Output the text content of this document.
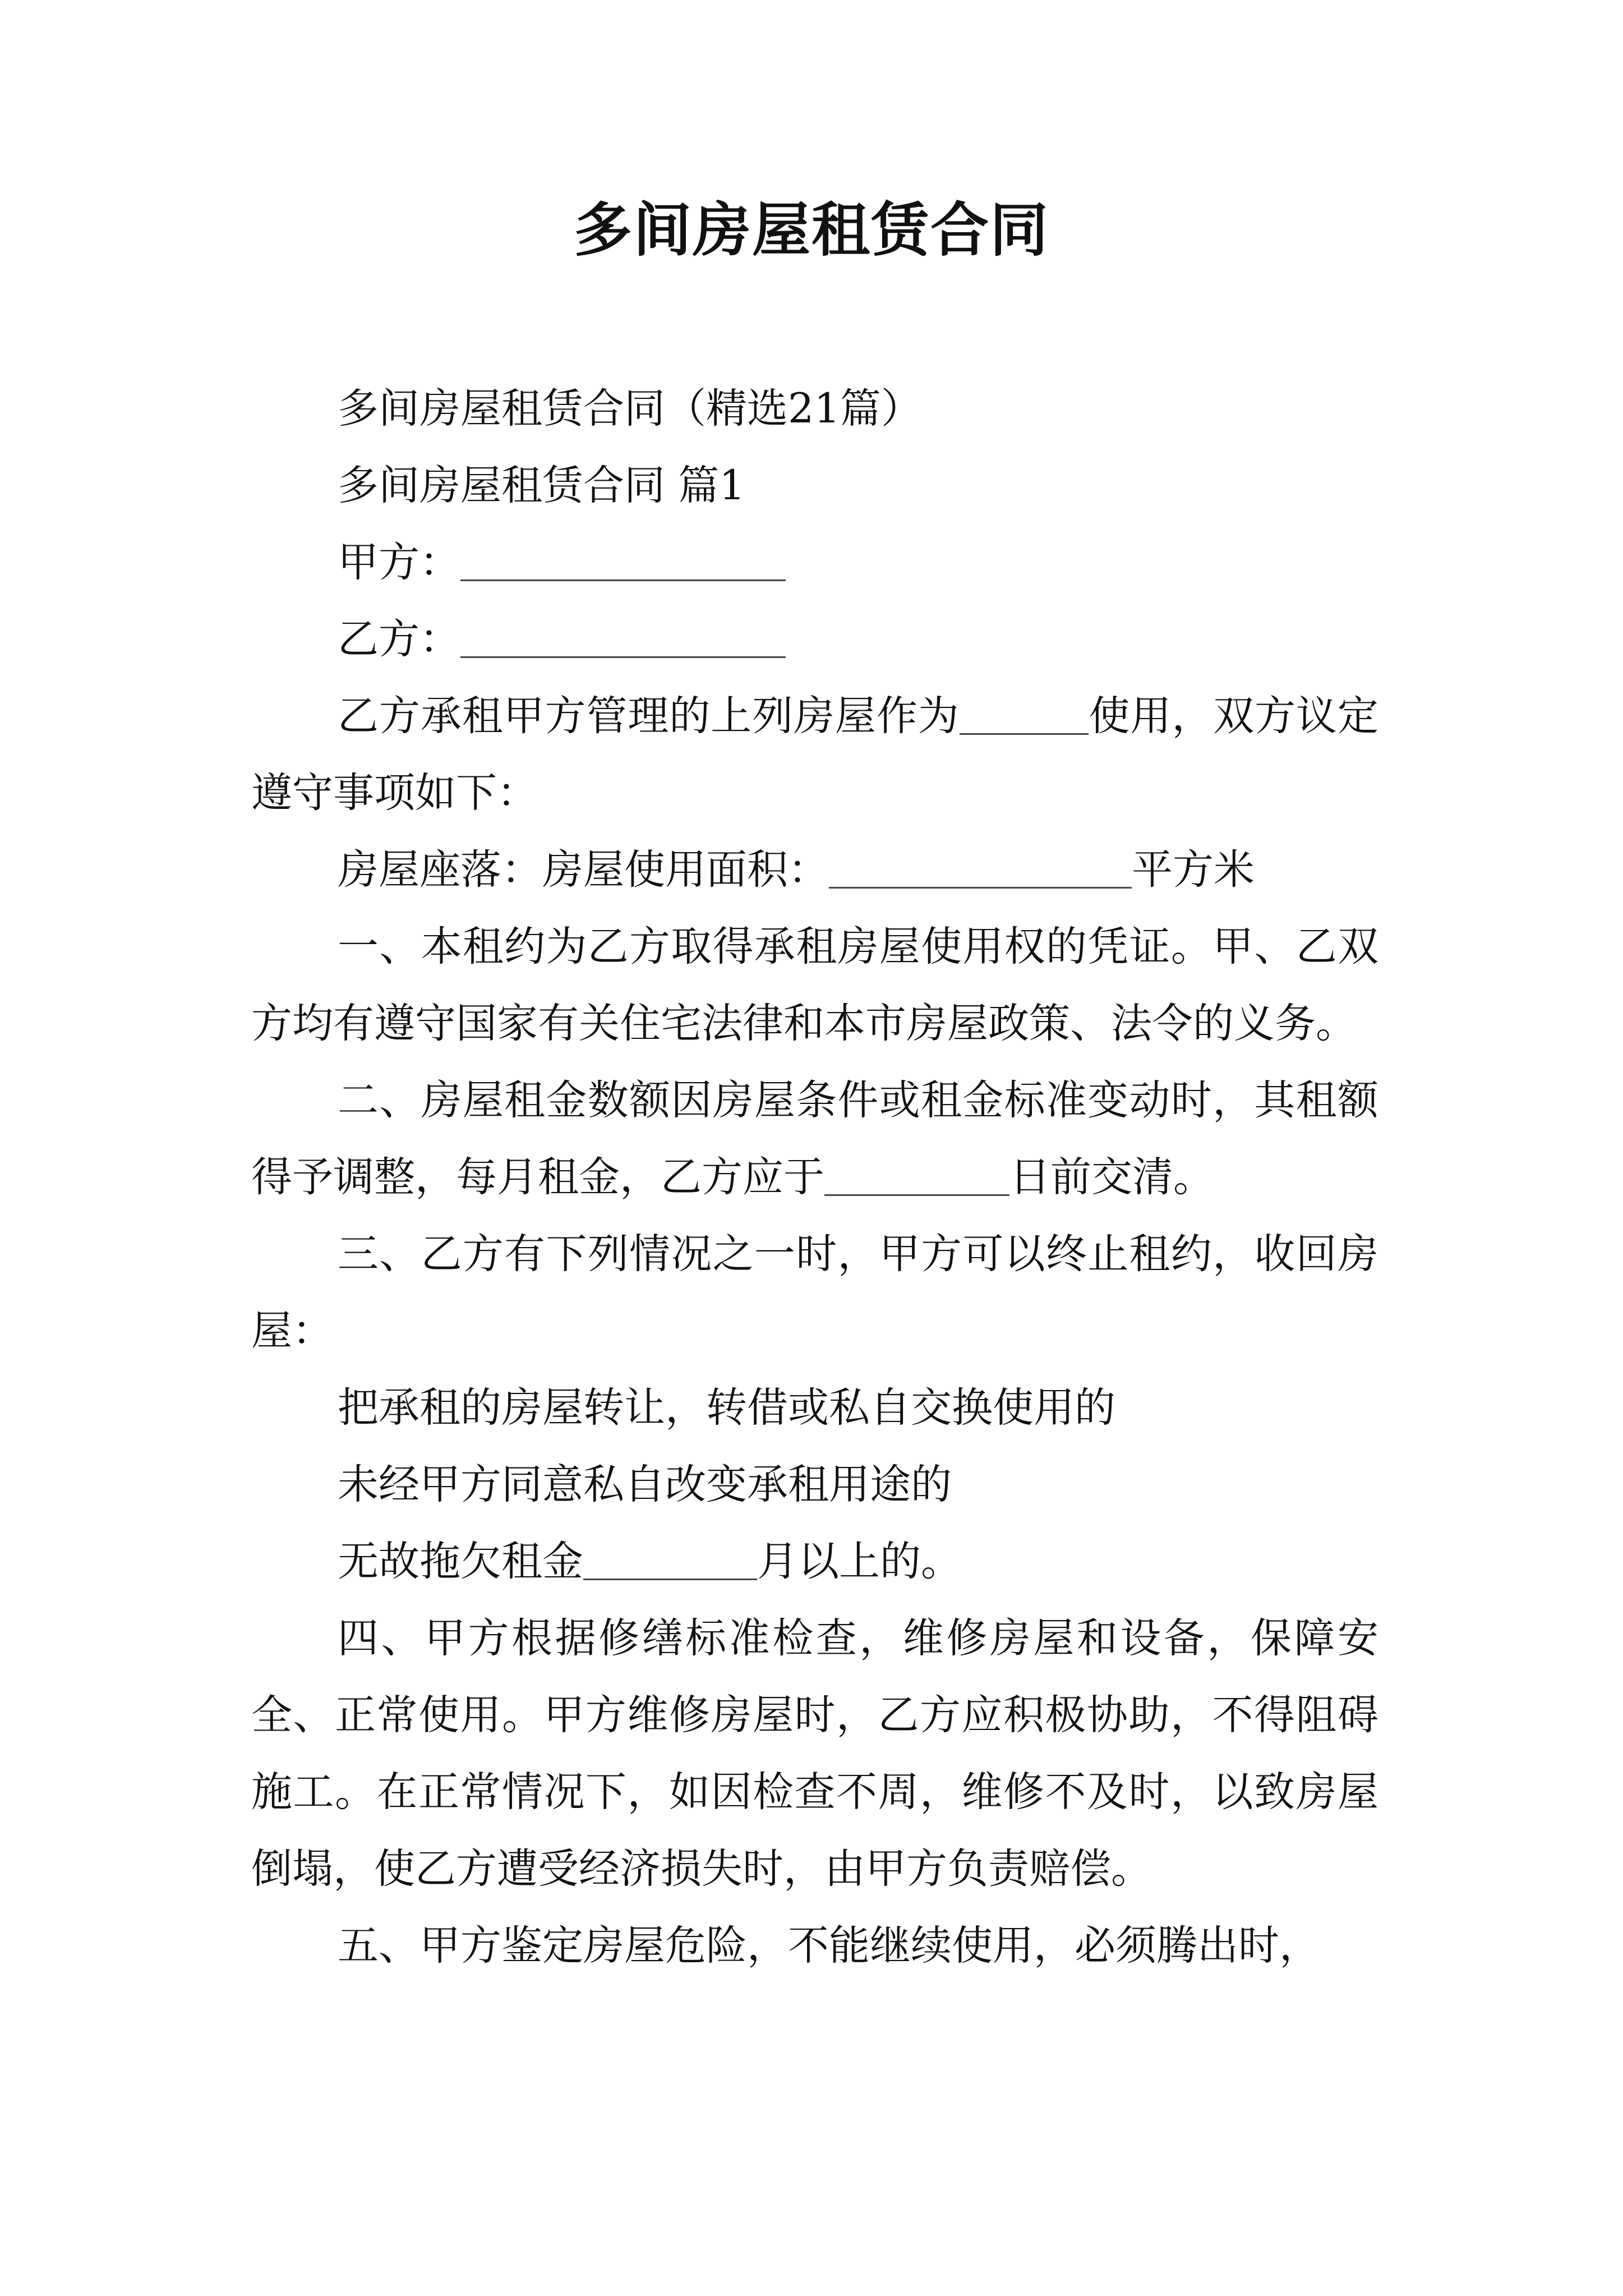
多间房屋租赁合同

多间房屋租赁合同（精选21篇）

多间房屋租赁合同 篇1

甲方：

乙方：

乙方承租甲方管理的上列房屋作为	使用，双方议定遵守事项如下：

房屋座落：房屋使用面积：	平方米

一、本租约为乙方取得承租房屋使用权的凭证。甲、乙双方均有遵守国家有关住宅法律和本市房屋政策、法令的义务。

二、房屋租金数额因房屋条件或租金标准变动时，其租额得予调整，每月租金，乙方应于	日前交清。

三、乙方有下列情况之一时，甲方可以终止租约，收回房屋：

把承租的房屋转让，转借或私自交换使用的

未经甲方同意私自改变承租用途的

无故拖欠租金	月以上的。

四、甲方根据修缮标准检查，维修房屋和设备，保障安全、正常使用。甲方维修房屋时，乙方应积极协助，不得阻碍施工。在正常情况下，如因检查不周，维修不及时，以致房屋倒塌，使乙方遭受经济损失时，由甲方负责赔偿。

五、甲方鉴定房屋危险，不能继续使用，必须腾出时，
